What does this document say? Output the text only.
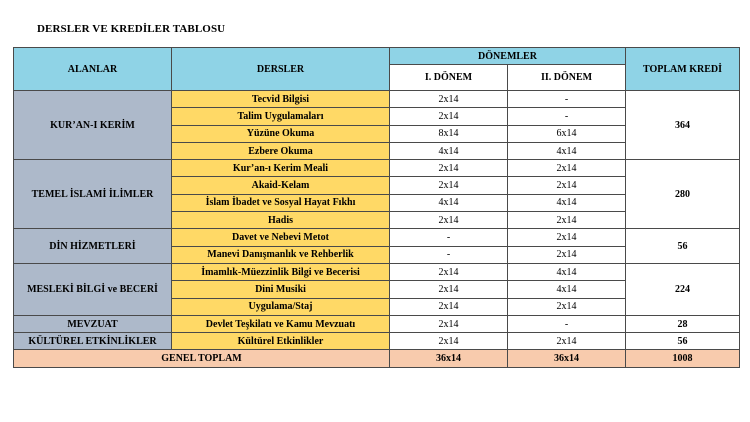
DERSLER VE KREDİLER TABLOSU
ALANLAR	DERSLER	DÖNEMLER		TOPLAM KREDİ
		I. DÖNEM	II. DÖNEM	
KUR’AN-I KERİM	Tecvid Bilgisi	2x14	-	364
	Talim Uygulamaları	2x14	-	
	Yüzüne Okuma	8x14	6x14	
	Ezbere Okuma	4x14	4x14	
TEMEL İSLAMİ İLİMLER	Kur’an-ı Kerim Meali	2x14	2x14	280
	Akaid-Kelam	2x14	2x14	
	İslam İbadet ve Sosyal Hayat Fıkhı	4x14	4x14	
	Hadis	2x14	2x14	
DİN HİZMETLERİ	Davet ve Nebevi Metot	-	2x14	56
	Manevi Danışmanlık ve Rehberlik	-	2x14	
MESLEKİ BİLGİ ve BECERİ	İmamlık-Müezzinlik Bilgi ve Becerisi	2x14	4x14	224
	Dini Musiki	2x14	4x14	
	Uygulama/Staj	2x14	2x14	
MEVZUAT	Devlet Teşkilatı ve Kamu Mevzuatı	2x14	-	28
KÜLTÜREL ETKİNLİKLER	Kültürel Etkinlikler	2x14	2x14	56
GENEL TOPLAM		36x14	36x14	1008
